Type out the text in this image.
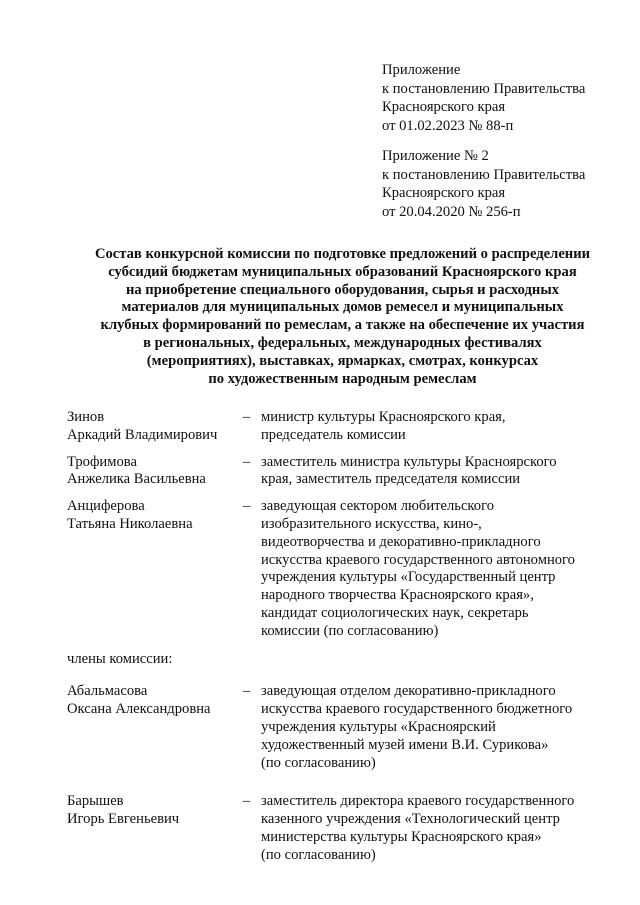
Приложение
к постановлению Правительства
Красноярского края
от 01.02.2023 № 88-п
Приложение № 2
к постановлению Правительства
Красноярского края
от 20.04.2020 № 256-п
Состав конкурсной комиссии по подготовке предложений о распределении
субсидий бюджетам муниципальных образований Красноярского края
на приобретение специального оборудования, сырья и расходных
материалов для муниципальных домов ремесел и муниципальных
клубных формирований по ремеслам, а также на обеспечение их участия
в региональных, федеральных, международных фестивалях
(мероприятиях), выставках, ярмарках, смотрах, конкурсах
по художественным народным ремеслам
Зинов
Аркадий Владимирович
– министр культуры Красноярского края,
председатель комиссии
Трофимова
Анжелика Васильевна
– заместитель министра культуры Красноярского
края, заместитель председателя комиссии
Анциферова
Татьяна Николаевна
– заведующая сектором любительского
изобразительного искусства, кино-,
видеотворчества и декоративно-прикладного
искусства краевого государственного автономного
учреждения культуры «Государственный центр
народного творчества Красноярского края»,
кандидат социологических наук, секретарь
комиссии (по согласованию)
члены комиссии:
Абальмасова
Оксана Александровна
– заведующая отделом декоративно-прикладного
искусства краевого государственного бюджетного
учреждения культуры «Красноярский
художественный музей имени В.И. Сурикова»
(по согласованию)
Барышев
Игорь Евгеньевич
– заместитель директора краевого государственного
казенного учреждения «Технологический центр
министерства культуры Красноярского края»
(по согласованию)
